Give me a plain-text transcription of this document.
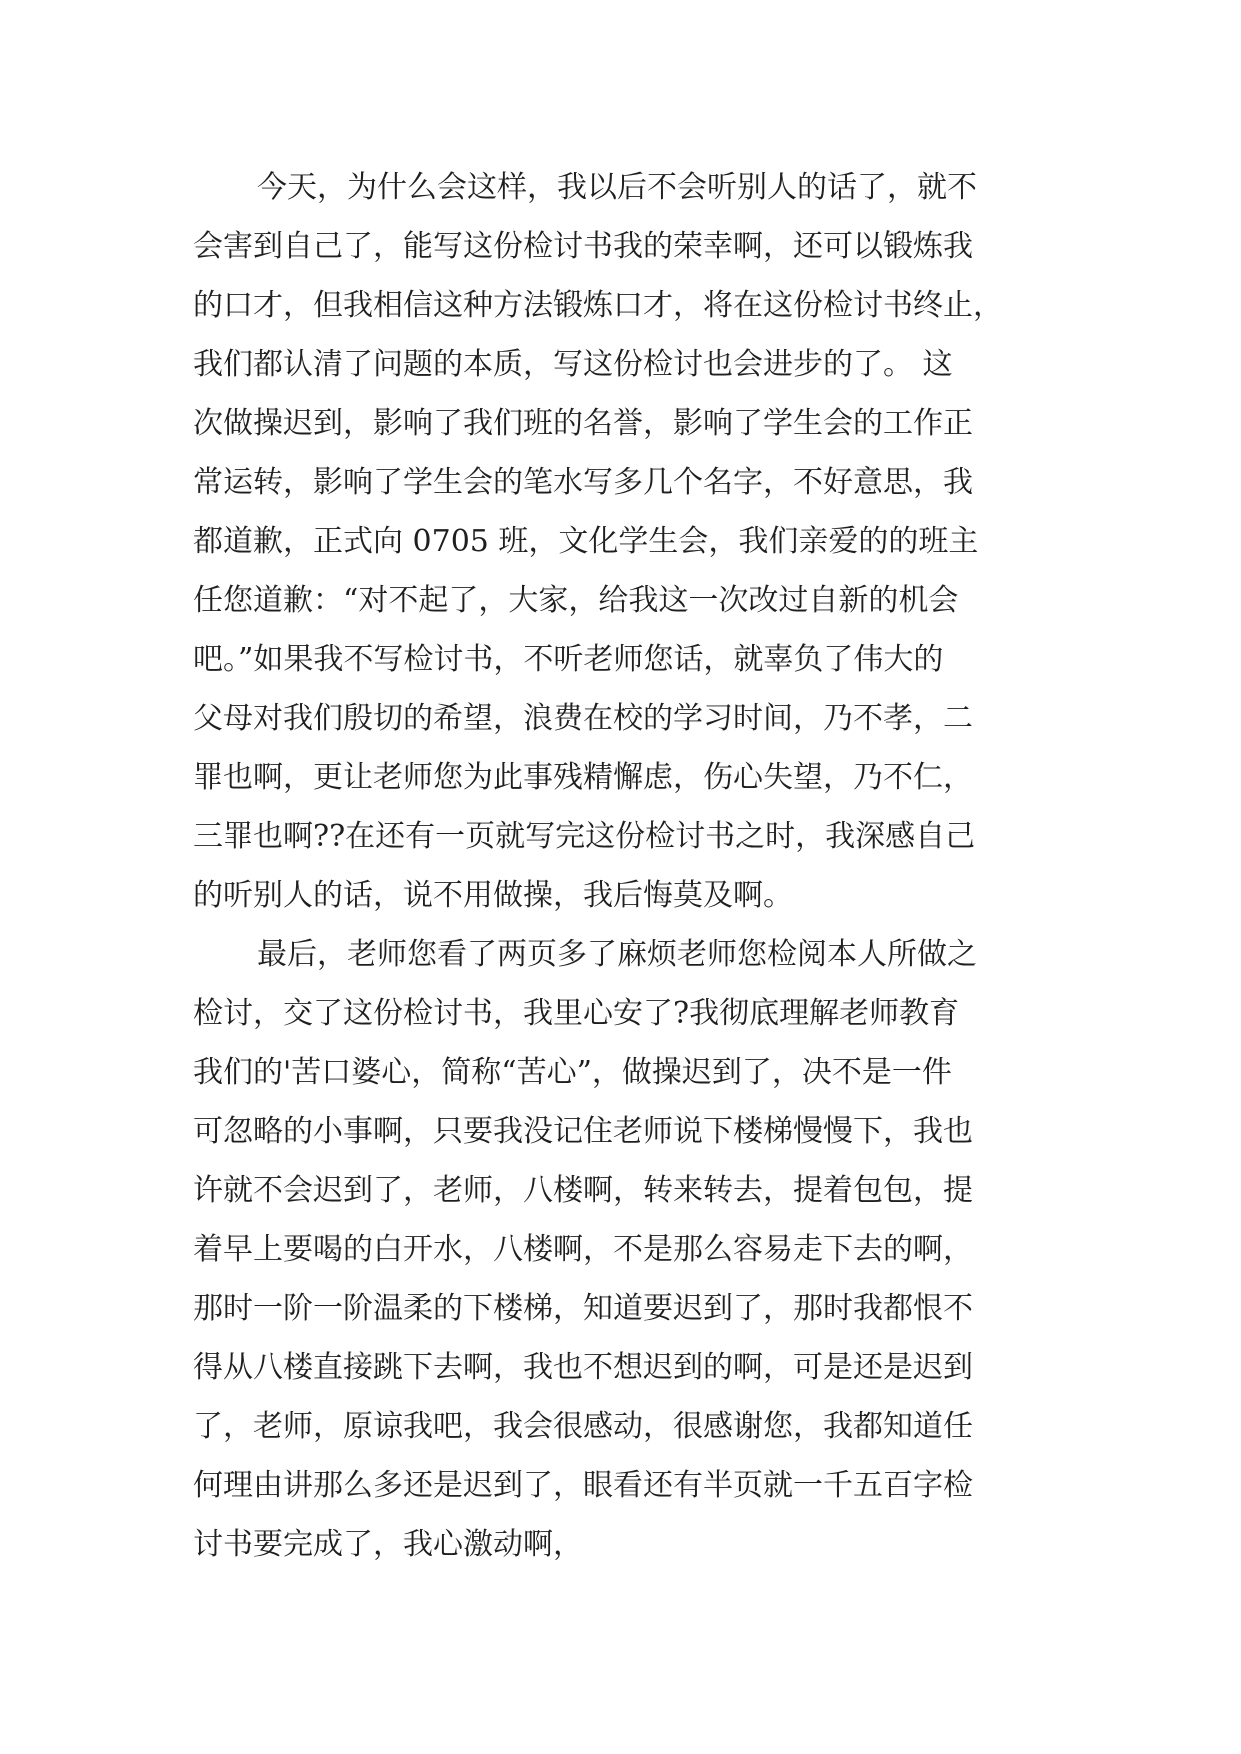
今天，为什么会这样，我以后不会听别人的话了，就不
会害到自己了，能写这份检讨书我的荣幸啊，还可以锻炼我
的口才，但我相信这种方法锻炼口才，将在这份检讨书终止，
我们都认清了问题的本质，写这份检讨也会进步的了。 这
次做操迟到，影响了我们班的名誉，影响了学生会的工作正
常运转，影响了学生会的笔水写多几个名字，不好意思，我
都道歉，正式向 0705 班，文化学生会，我们亲爱的的班主
任您道歉：“对不起了，大家，给我这一次改过自新的机会
吧。”如果我不写检讨书，不听老师您话，就辜负了伟大的
父母对我们殷切的希望，浪费在校的学习时间，乃不孝，二
罪也啊，更让老师您为此事残精懈虑，伤心失望，乃不仁，
三罪也啊??在还有一页就写完这份检讨书之时，我深感自己
的听别人的话，说不用做操，我后悔莫及啊。
最后，老师您看了两页多了麻烦老师您检阅本人所做之
检讨，交了这份检讨书，我里心安了?我彻底理解老师教育
我们的'苦口婆心，简称“苦心”，做操迟到了，决不是一件
可忽略的小事啊，只要我没记住老师说下楼梯慢慢下，我也
许就不会迟到了，老师，八楼啊，转来转去，提着包包，提
着早上要喝的白开水，八楼啊，不是那么容易走下去的啊，
那时一阶一阶温柔的下楼梯，知道要迟到了，那时我都恨不
得从八楼直接跳下去啊，我也不想迟到的啊，可是还是迟到
了，老师，原谅我吧，我会很感动，很感谢您，我都知道任
何理由讲那么多还是迟到了，眼看还有半页就一千五百字检
讨书要完成了，我心激动啊，
